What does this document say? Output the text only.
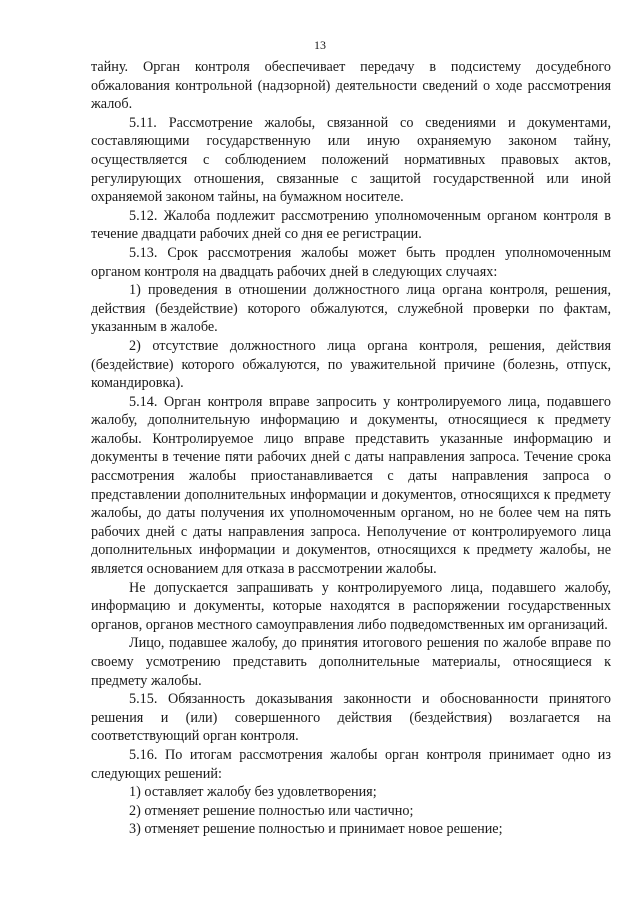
13

тайну. Орган контроля обеспечивает передачу в подсистему досудебного обжалования контрольной (надзорной) деятельности сведений о ходе рассмотрения жалоб.

5.11. Рассмотрение жалобы, связанной со сведениями и документами, составляющими государственную или иную охраняемую законом тайну, осуществляется с соблюдением положений нормативных правовых актов, регулирующих отношения, связанные с защитой государственной или иной охраняемой законом тайны, на бумажном носителе.

5.12. Жалоба подлежит рассмотрению уполномоченным органом контроля в течение двадцати рабочих дней со дня ее регистрации.

5.13. Срок рассмотрения жалобы может быть продлен уполномоченным органом контроля на двадцать рабочих дней в следующих случаях:

1) проведения в отношении должностного лица органа контроля, решения, действия (бездействие) которого обжалуются, служебной проверки по фактам, указанным в жалобе.

2) отсутствие должностного лица органа контроля, решения, действия (бездействие) которого обжалуются, по уважительной причине (болезнь, отпуск, командировка).

5.14. Орган контроля вправе запросить у контролируемого лица, подавшего жалобу, дополнительную информацию и документы, относящиеся к предмету жалобы. Контролируемое лицо вправе представить указанные информацию и документы в течение пяти рабочих дней с даты направления запроса. Течение срока рассмотрения жалобы приостанавливается с даты направления запроса о представлении дополнительных информации и документов, относящихся к предмету жалобы, до даты получения их уполномоченным органом, но не более чем на пять рабочих дней с даты направления запроса. Неполучение от контролируемого лица дополнительных информации и документов, относящихся к предмету жалобы, не является основанием для отказа в рассмотрении жалобы.

Не допускается запрашивать у контролируемого лица, подавшего жалобу, информацию и документы, которые находятся в распоряжении государственных органов, органов местного самоуправления либо подведомственных им организаций.

Лицо, подавшее жалобу, до принятия итогового решения по жалобе вправе по своему усмотрению представить дополнительные материалы, относящиеся к предмету жалобы.

5.15. Обязанность доказывания законности и обоснованности принятого решения и (или) совершенного действия (бездействия) возлагается на соответствующий орган контроля.

5.16. По итогам рассмотрения жалобы орган контроля принимает одно из следующих решений:

1) оставляет жалобу без удовлетворения;

2) отменяет решение полностью или частично;

3) отменяет решение полностью и принимает новое решение;
